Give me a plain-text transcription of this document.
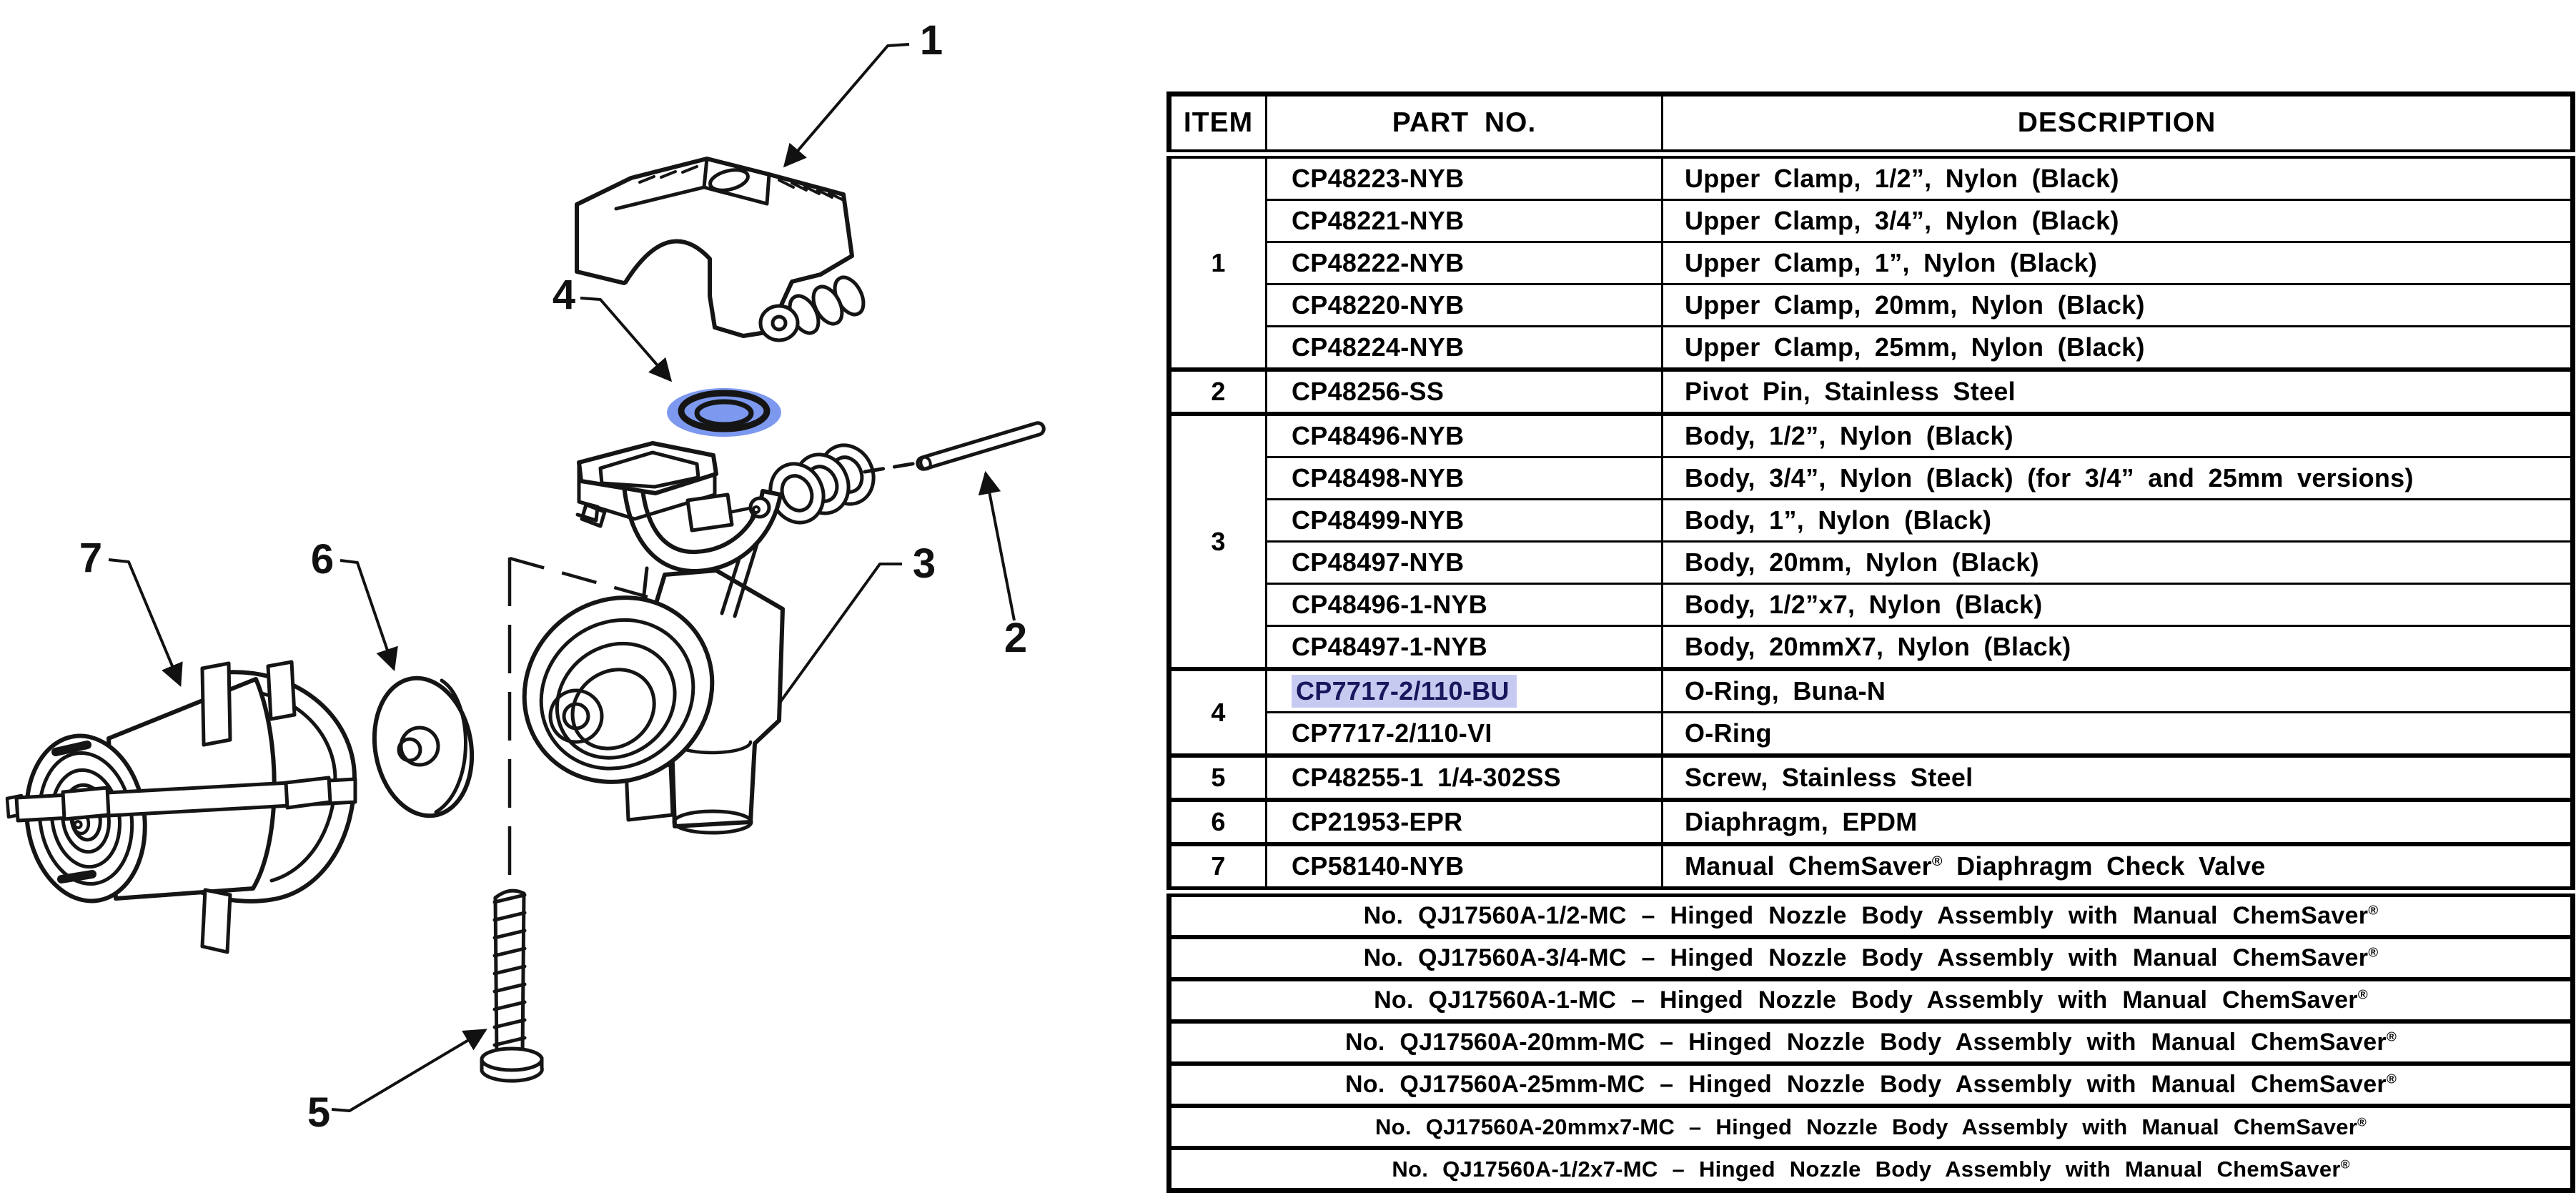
1
4
2
3
6
7
5
ITEM	PART NO.	DESCRIPTION
1	CP48223-NYB	Upper Clamp, 1/2”, Nylon (Black)
	CP48221-NYB	Upper Clamp, 3/4”, Nylon (Black)
	CP48222-NYB	Upper Clamp, 1”, Nylon (Black)
	CP48220-NYB	Upper Clamp, 20mm, Nylon (Black)
	CP48224-NYB	Upper Clamp, 25mm, Nylon (Black)
2	CP48256-SS	Pivot Pin, Stainless Steel
3	CP48496-NYB	Body, 1/2”, Nylon (Black)
	CP48498-NYB	Body, 3/4”, Nylon (Black) (for 3/4” and 25mm versions)
	CP48499-NYB	Body, 1”, Nylon (Black)
	CP48497-NYB	Body, 20mm, Nylon (Black)
	CP48496-1-NYB	Body, 1/2”x7, Nylon (Black)
	CP48497-1-NYB	Body, 20mmX7, Nylon (Black)
4	CP7717-2/110-BU	O-Ring, Buna-N
	CP7717-2/110-VI	O-Ring
5	CP48255-1 1/4-302SS	Screw, Stainless Steel
6	CP21953-EPR	Diaphragm, EPDM
7	CP58140-NYB	Manual ChemSaver® Diaphragm Check Valve
No. QJ17560A-1/2-MC – Hinged Nozzle Body Assembly with Manual ChemSaver®
No. QJ17560A-3/4-MC – Hinged Nozzle Body Assembly with Manual ChemSaver®
No. QJ17560A-1-MC – Hinged Nozzle Body Assembly with Manual ChemSaver®
No. QJ17560A-20mm-MC – Hinged Nozzle Body Assembly with Manual ChemSaver®
No. QJ17560A-25mm-MC – Hinged Nozzle Body Assembly with Manual ChemSaver®
No. QJ17560A-20mmx7-MC – Hinged Nozzle Body Assembly with Manual ChemSaver®
No. QJ17560A-1/2x7-MC – Hinged Nozzle Body Assembly with Manual ChemSaver®
